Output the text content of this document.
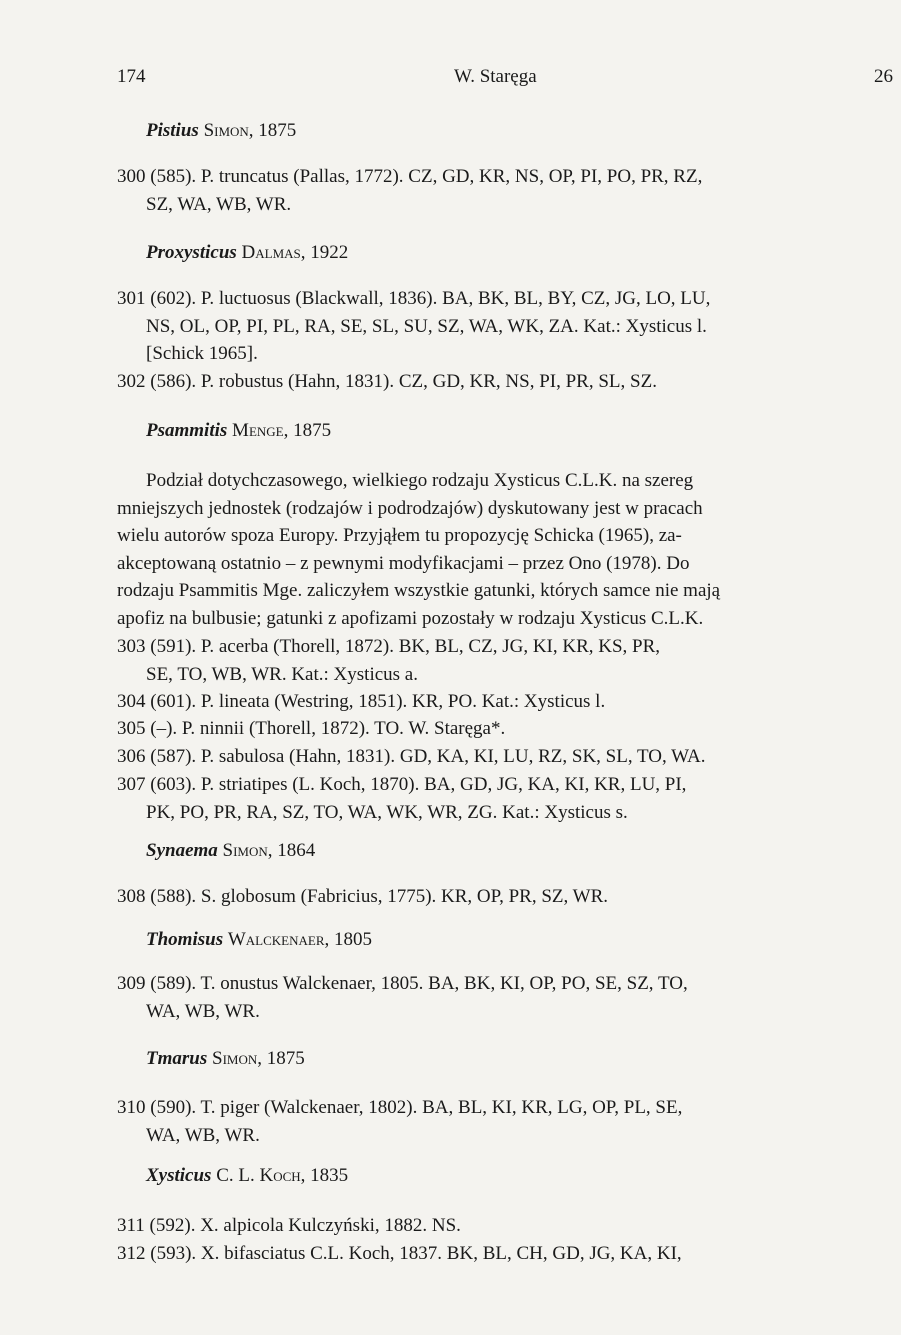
174	W. Staręga	26
Pistius Simon, 1875
300 (585). P. truncatus (Pallas, 1772). CZ, GD, KR, NS, OP, PI, PO, PR, RZ,
SZ, WA, WB, WR.
Proxysticus Dalmas, 1922
301 (602). P. luctuosus (Blackwall, 1836). BA, BK, BL, BY, CZ, JG, LO, LU,
NS, OL, OP, PI, PL, RA, SE, SL, SU, SZ, WA, WK, ZA. Kat.: Xysticus l.
[Schick 1965].
302 (586). P. robustus (Hahn, 1831). CZ, GD, KR, NS, PI, PR, SL, SZ.
Psammitis Menge, 1875
Podział dotychczasowego, wielkiego rodzaju Xysticus C.L.K. na szereg
mniejszych jednostek (rodzajów i podrodzajów) dyskutowany jest w pracach
wielu autorów spoza Europy. Przyjąłem tu propozycję Schicka (1965), za-
akceptowaną ostatnio – z pewnymi modyfikacjami – przez Ono (1978). Do
rodzaju Psammitis Mge. zaliczyłem wszystkie gatunki, których samce nie mają
apofiz na bulbusie; gatunki z apofizami pozostały w rodzaju Xysticus C.L.K.
303 (591). P. acerba (Thorell, 1872). BK, BL, CZ, JG, KI, KR, KS, PR,
SE, TO, WB, WR. Kat.: Xysticus a.
304 (601). P. lineata (Westring, 1851). KR, PO. Kat.: Xysticus l.
305 (–). P. ninnii (Thorell, 1872). TO. W. Staręga*.
306 (587). P. sabulosa (Hahn, 1831). GD, KA, KI, LU, RZ, SK, SL, TO, WA.
307 (603). P. striatipes (L. Koch, 1870). BA, GD, JG, KA, KI, KR, LU, PI,
PK, PO, PR, RA, SZ, TO, WA, WK, WR, ZG. Kat.: Xysticus s.
Synaema Simon, 1864
308 (588). S. globosum (Fabricius, 1775). KR, OP, PR, SZ, WR.
Thomisus Walckenaer, 1805
309 (589). T. onustus Walckenaer, 1805. BA, BK, KI, OP, PO, SE, SZ, TO,
WA, WB, WR.
Tmarus Simon, 1875
310 (590). T. piger (Walckenaer, 1802). BA, BL, KI, KR, LG, OP, PL, SE,
WA, WB, WR.
Xysticus C. L. Koch, 1835
311 (592). X. alpicola Kulczyński, 1882. NS.
312 (593). X. bifasciatus C.L. Koch, 1837. BK, BL, CH, GD, JG, KA, KI,
